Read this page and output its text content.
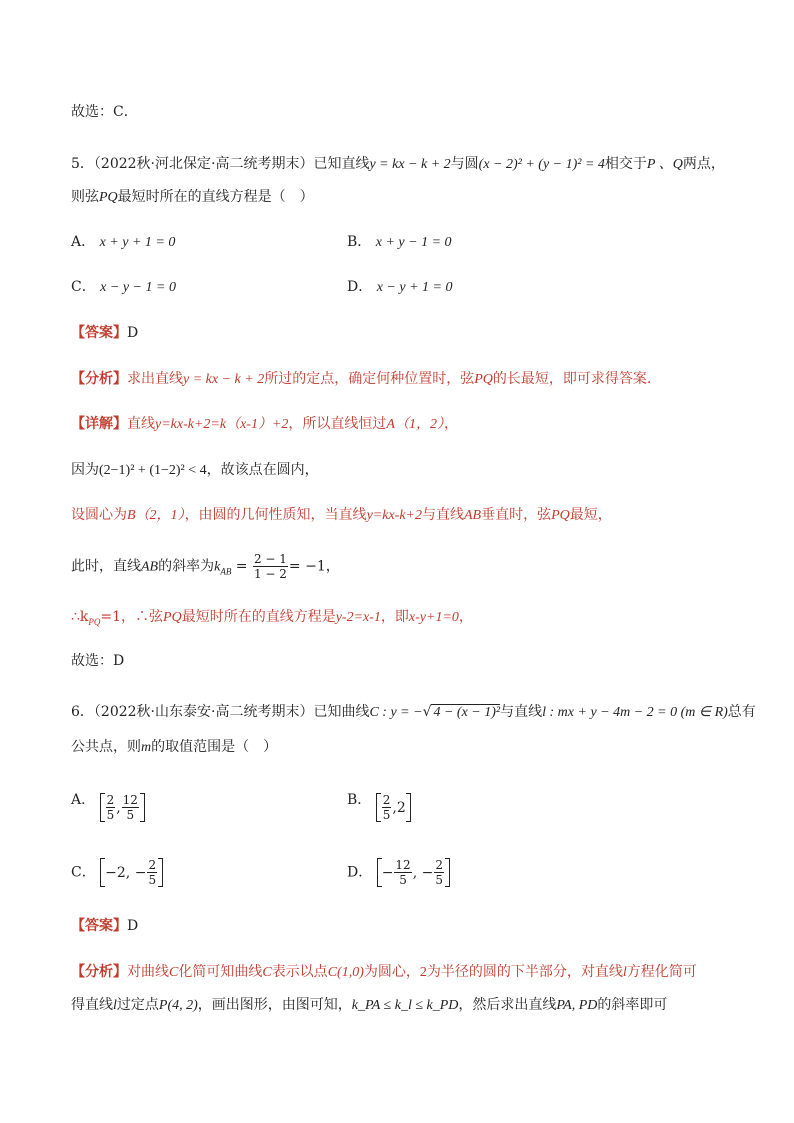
故选：C．
5．（2022秋·河北保定·高二统考期末）已知直线y = kx − k + 2与圆(x − 2)² + (y − 1)² = 4相交于P 、Q两点，
则弦PQ最短时所在的直线方程是（　）
A． x + y + 1 = 0	B． x + y − 1 = 0
C． x − y − 1 = 0	D． x − y + 1 = 0
【答案】D
【分析】求出直线y = kx − k + 2所过的定点，确定何种位置时，弦PQ的长最短，即可求得答案.
【详解】直线y=kx-k+2=k（x-1）+2，所以直线恒过A（1，2），
因为(2−1)² + (1−2)² < 4，故该点在圆内，
设圆心为B（2，1），由圆的几何性质知，当直线y=kx-k+2与直线AB垂直时，弦PQ最短，
此时，直线AB的斜率为$k_{AB} = \frac{2 - 1}{1 - 2} = -1$，
$\therefore k_{PQ}=1$，∴弦PQ最短时所在的直线方程是y-2=x-1，即x-y+1=0，
故选：D
6．（2022秋·山东泰安·高二统考期末）已知曲线C : y = −√ 4 − (x − 1)²与直线l : mx + y − 4m − 2 = 0 (m ∈ R)总有
公共点，则m的取值范围是（　）
A． $\frac{2}{5}$ , $\frac{12}{5}$	B． $\frac{2}{5}$ , 2
C． −2, − $\frac{2}{5}$	D． − $\frac{12}{5}$ , − $\frac{2}{5}$
【答案】D
【分析】对曲线C化简可知曲线C表示以点C(1,0)为圆心，2为半径的圆的下半部分，对直线l方程化简可
得直线l过定点P(4, 2)，画出图形，由图可知，k_PA ≤ k_l ≤ k_PD，然后求出直线PA, PD的斜率即可
